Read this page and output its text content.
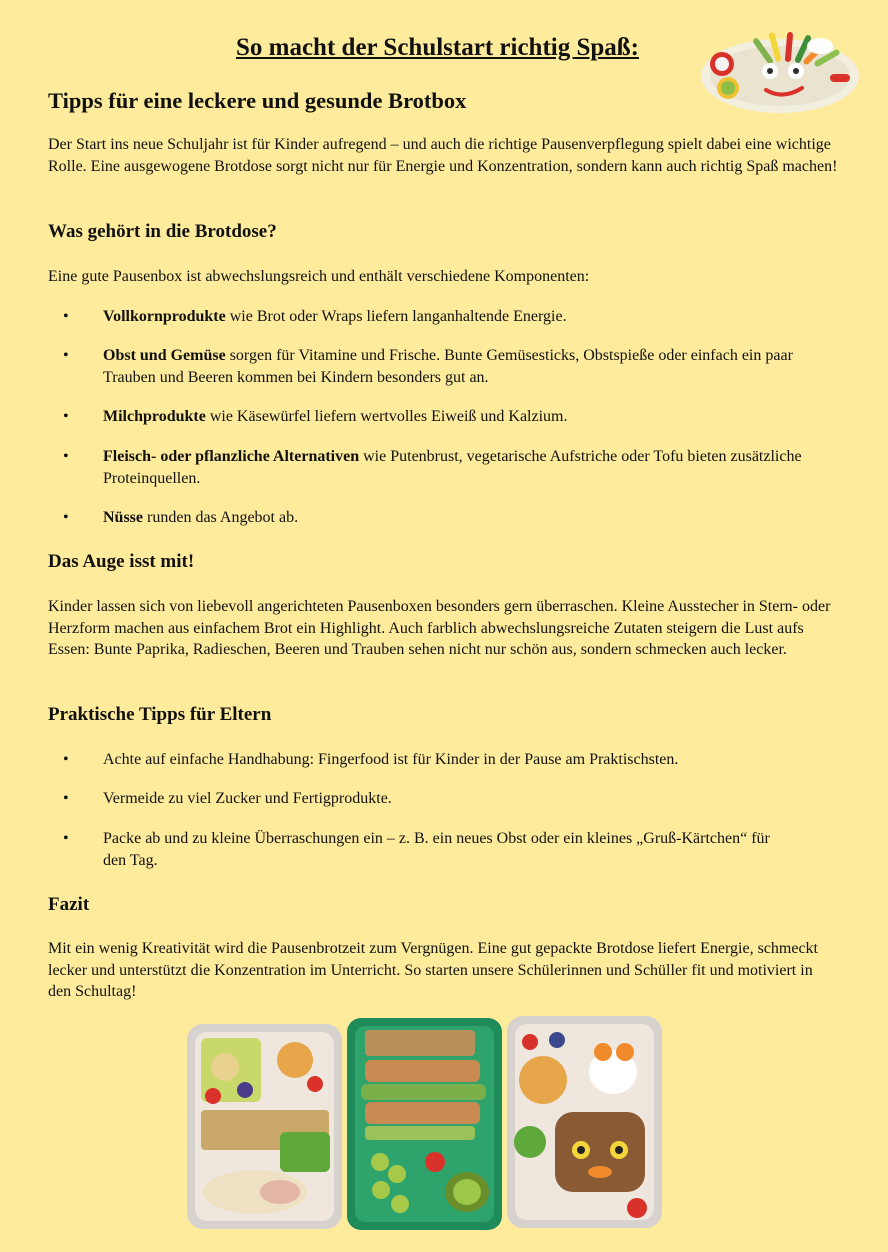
So macht der Schulstart richtig Spaß:
Tipps für eine leckere und gesunde Brotbox

Der Start ins neue Schuljahr ist für Kinder aufregend – und auch die richtige Pausenverpflegung spielt dabei eine wichtige Rolle. Eine ausgewogene Brotdose sorgt nicht nur für Energie und Konzentration, sondern kann auch richtig Spaß machen!

Was gehört in die Brotdose?

Eine gute Pausenbox ist abwechslungsreich und enthält verschiedene Komponenten:

• Vollkornprodukte wie Brot oder Wraps liefern langanhaltende Energie.
• Obst und Gemüse sorgen für Vitamine und Frische. Bunte Gemüsesticks, Obstspieße oder einfach ein paar Trauben und Beeren kommen bei Kindern besonders gut an.
• Milchprodukte wie Käsewürfel liefern wertvolles Eiweiß und Kalzium.
• Fleisch- oder pflanzliche Alternativen wie Putenbrust, vegetarische Aufstriche oder Tofu bieten zusätzliche Proteinquellen.
• Nüsse runden das Angebot ab.
Das Auge isst mit!

Kinder lassen sich von liebevoll angerichteten Pausenboxen besonders gern überraschen. Kleine Ausstecher in Stern- oder Herzform machen aus einfachem Brot ein Highlight. Auch farblich abwechslungsreiche Zutaten steigern die Lust aufs Essen: Bunte Paprika, Radieschen, Beeren und Trauben sehen nicht nur schön aus, sondern schmecken auch lecker.

Praktische Tipps für Eltern
• Achte auf einfache Handhabung: Fingerfood ist für Kinder in der Pause am Praktischsten.
• Vermeide zu viel Zucker und Fertigprodukte.
• Packe ab und zu kleine Überraschungen ein – z. B. ein neues Obst oder ein kleines „Gruß-Kärtchen“ für den Tag.
Fazit

Mit ein wenig Kreativität wird die Pausenbrotzeit zum Vergnügen. Eine gut gepackte Brotdose liefert Energie, schmeckt lecker und unterstützt die Konzentration im Unterricht. So starten unsere Schülerinnen und Schüller fit und motiviert in den Schultag!
